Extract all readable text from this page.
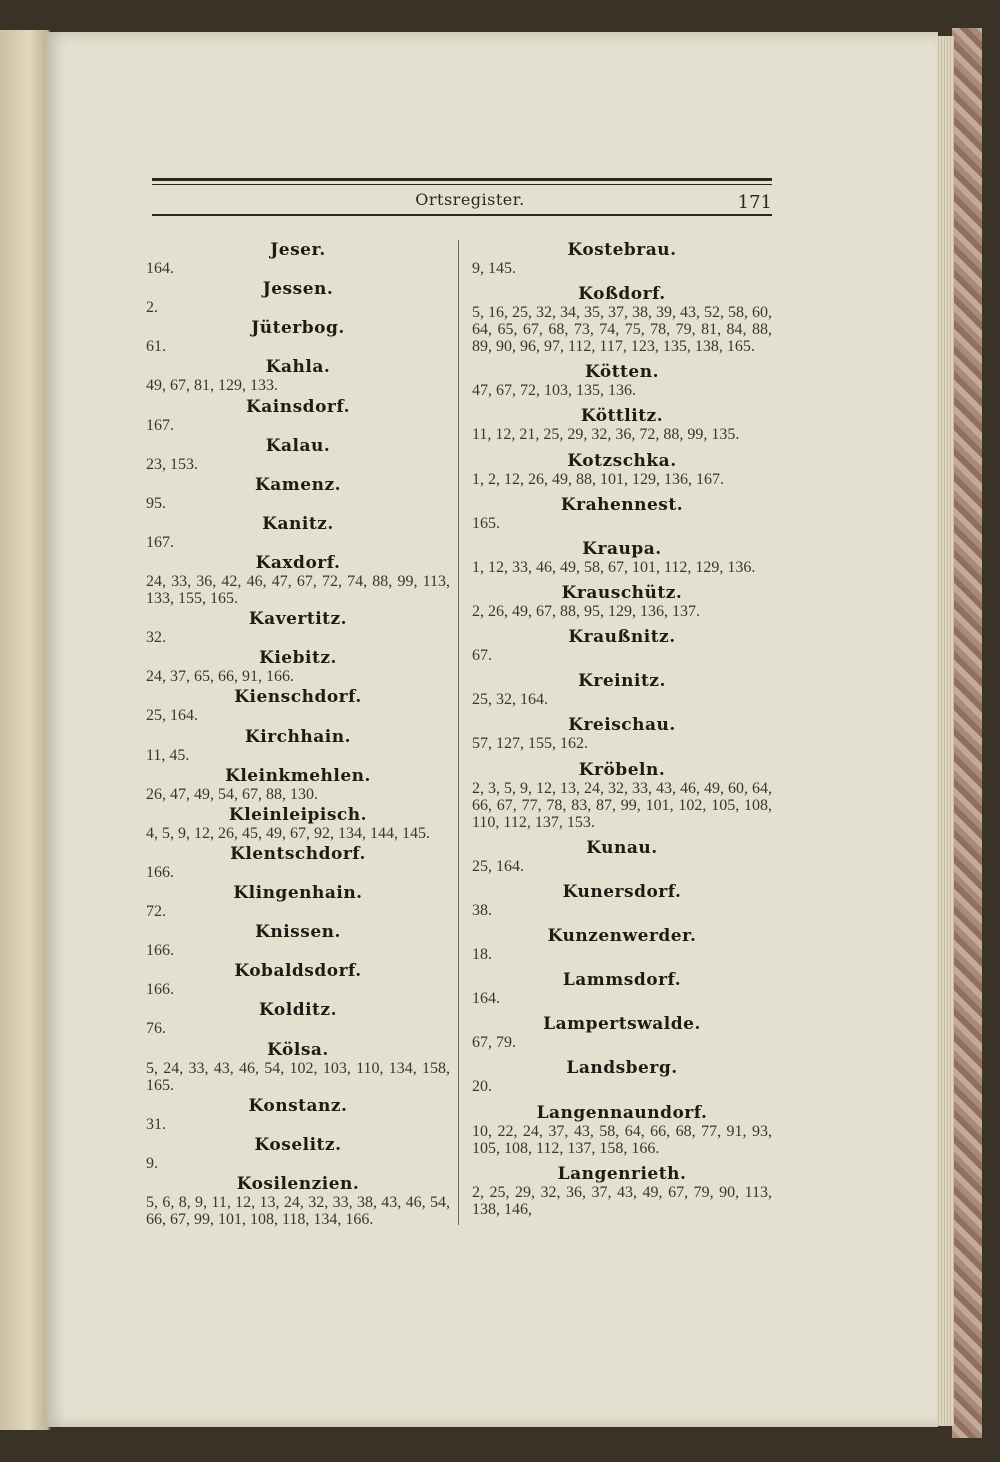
Ortsregister.	171
Jeser.
164.
Jessen.
2.
Jüterbog.
61.
Kahla.
49, 67, 81, 129, 133.
Kainsdorf.
167.
Kalau.
23, 153.
Kamenz.
95.
Kanitz.
167.
Kaxdorf.
24, 33, 36, 42, 46, 47, 67, 72, 74, 88, 99, 113, 133, 155, 165.
Kavertitz.
32.
Kiebitz.
24, 37, 65, 66, 91, 166.
Kienschdorf.
25, 164.
Kirchhain.
11, 45.
Kleinkmehlen.
26, 47, 49, 54, 67, 88, 130.
Kleinleipisch.
4, 5, 9, 12, 26, 45, 49, 67, 92, 134, 144, 145.
Klentschdorf.
166.
Klingenhain.
72.
Knissen.
166.
Kobaldsdorf.
166.
Kolditz.
76.
Kölsa.
5, 24, 33, 43, 46, 54, 102, 103, 110, 134, 158, 165.
Konstanz.
31.
Koselitz.
9.
Kosilenzien.
5, 6, 8, 9, 11, 12, 13, 24, 32, 33, 38, 43, 46, 54, 66, 67, 99, 101, 108, 118, 134, 166.
Kostebrau.
9, 145.
Koßdorf.
5, 16, 25, 32, 34, 35, 37, 38, 39, 43, 52, 58, 60, 64, 65, 67, 68, 73, 74, 75, 78, 79, 81, 84, 88, 89, 90, 96, 97, 112, 117, 123, 135, 138, 165.
Kötten.
47, 67, 72, 103, 135, 136.
Köttlitz.
11, 12, 21, 25, 29, 32, 36, 72, 88, 99, 135.
Kotzschka.
1, 2, 12, 26, 49, 88, 101, 129, 136, 167.
Krahennest.
165.
Kraupa.
1, 12, 33, 46, 49, 58, 67, 101, 112, 129, 136.
Krauschütz.
2, 26, 49, 67, 88, 95, 129, 136, 137.
Kraußnitz.
67.
Kreinitz.
25, 32, 164.
Kreischau.
57, 127, 155, 162.
Kröbeln.
2, 3, 5, 9, 12, 13, 24, 32, 33, 43, 46, 49, 60, 64, 66, 67, 77, 78, 83, 87, 99, 101, 102, 105, 108, 110, 112, 137, 153.
Kunau.
25, 164.
Kunersdorf.
38.
Kunzenwerder.
18.
Lammsdorf.
164.
Lampertswalde.
67, 79.
Landsberg.
20.
Langennaundorf.
10, 22, 24, 37, 43, 58, 64, 66, 68, 77, 91, 93, 105, 108, 112, 137, 158, 166.
Langenrieth.
2, 25, 29, 32, 36, 37, 43, 49, 67, 79, 90, 113, 138, 146,
